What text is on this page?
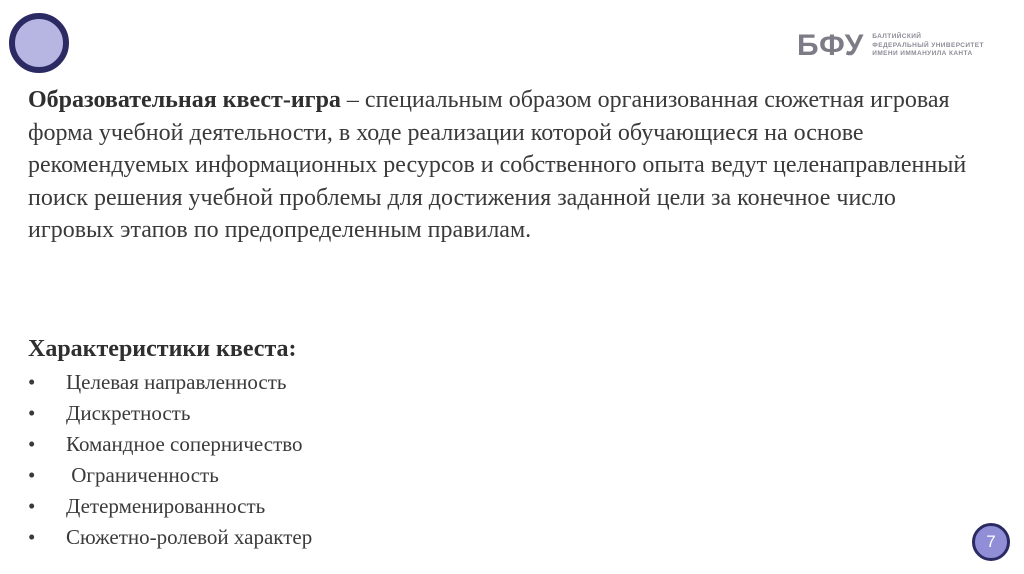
БФУ БАЛТИЙСКИЙ
ФЕДЕРАЛЬНЫЙ УНИВЕРСИТЕТ
ИМЕНИ ИММАНУИЛА КАНТА

Образовательная квест-игра – специальным образом организованная сюжетная игровая форма учебной деятельности, в ходе реализации которой обучающиеся на основе рекомендуемых информационных ресурсов и собственного опыта ведут целенаправленный поиск решения учебной проблемы для достижения заданной цели за конечное число игровых этапов по предопределенным правилам.

Характеристики квеста:
•	Целевая направленность
•	Дискретность
•	Командное соперничество
•	Ограниченность
•	Детерменированность
•	Сюжетно-ролевой характер	7
